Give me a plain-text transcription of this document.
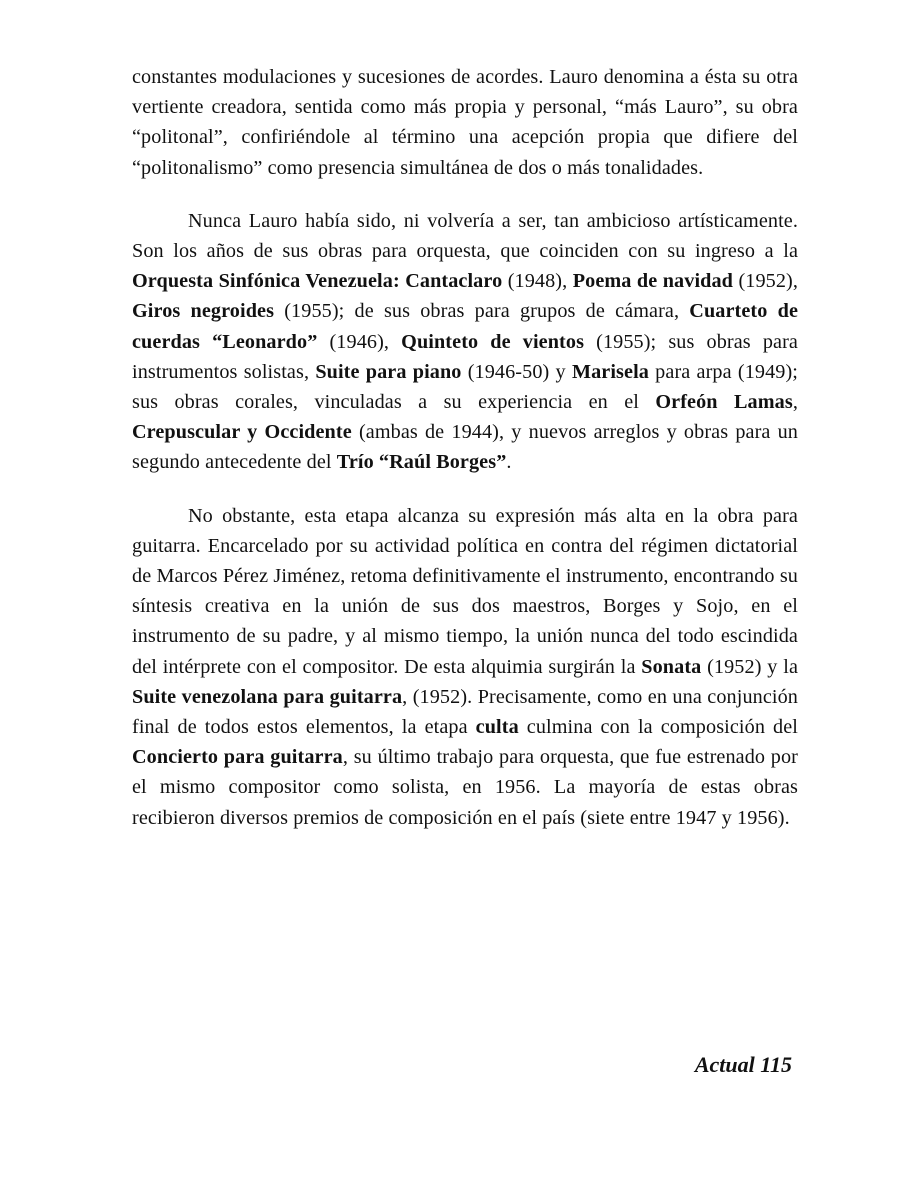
constantes modulaciones y sucesiones de acordes. Lauro denomina a ésta su otra vertiente creadora, sentida como más propia y personal, “más Lauro”, su obra “politonal”, confiriéndole al término una acepción propia que difiere del “politonalismo” como presencia simultánea de dos o más tonalidades.

Nunca Lauro había sido, ni volvería a ser, tan ambicioso artísticamente. Son los años de sus obras para orquesta, que coinciden con su ingreso a la Orquesta Sinfónica Venezuela: Cantaclaro (1948), Poema de navidad (1952), Giros negroides (1955); de sus obras para grupos de cámara, Cuarteto de cuerdas “Leonardo” (1946), Quinteto de vientos (1955); sus obras para instrumentos solistas, Suite para piano (1946-50) y Marisela para arpa (1949); sus obras corales, vinculadas a su experiencia en el Orfeón Lamas, Crepuscular y Occidente (ambas de 1944), y nuevos arreglos y obras para un segundo antecedente del Trío “Raúl Borges”.

No obstante, esta etapa alcanza su expresión más alta en la obra para guitarra. Encarcelado por su actividad política en contra del régimen dictatorial de Marcos Pérez Jiménez, retoma definitivamente el instrumento, encontrando su síntesis creativa en la unión de sus dos maestros, Borges y Sojo, en el instrumento de su padre, y al mismo tiempo, la unión nunca del todo escindida del intérprete con el compositor. De esta alquimia surgirán la Sonata (1952) y la Suite venezolana para guitarra, (1952). Precisamente, como en una conjunción final de todos estos elementos, la etapa culta culmina con la composición del Concierto para guitarra, su último trabajo para orquesta, que fue estrenado por el mismo compositor como solista, en 1956. La mayoría de estas obras recibieron diversos premios de composición en el país (siete entre 1947 y 1956).

Actual 115
